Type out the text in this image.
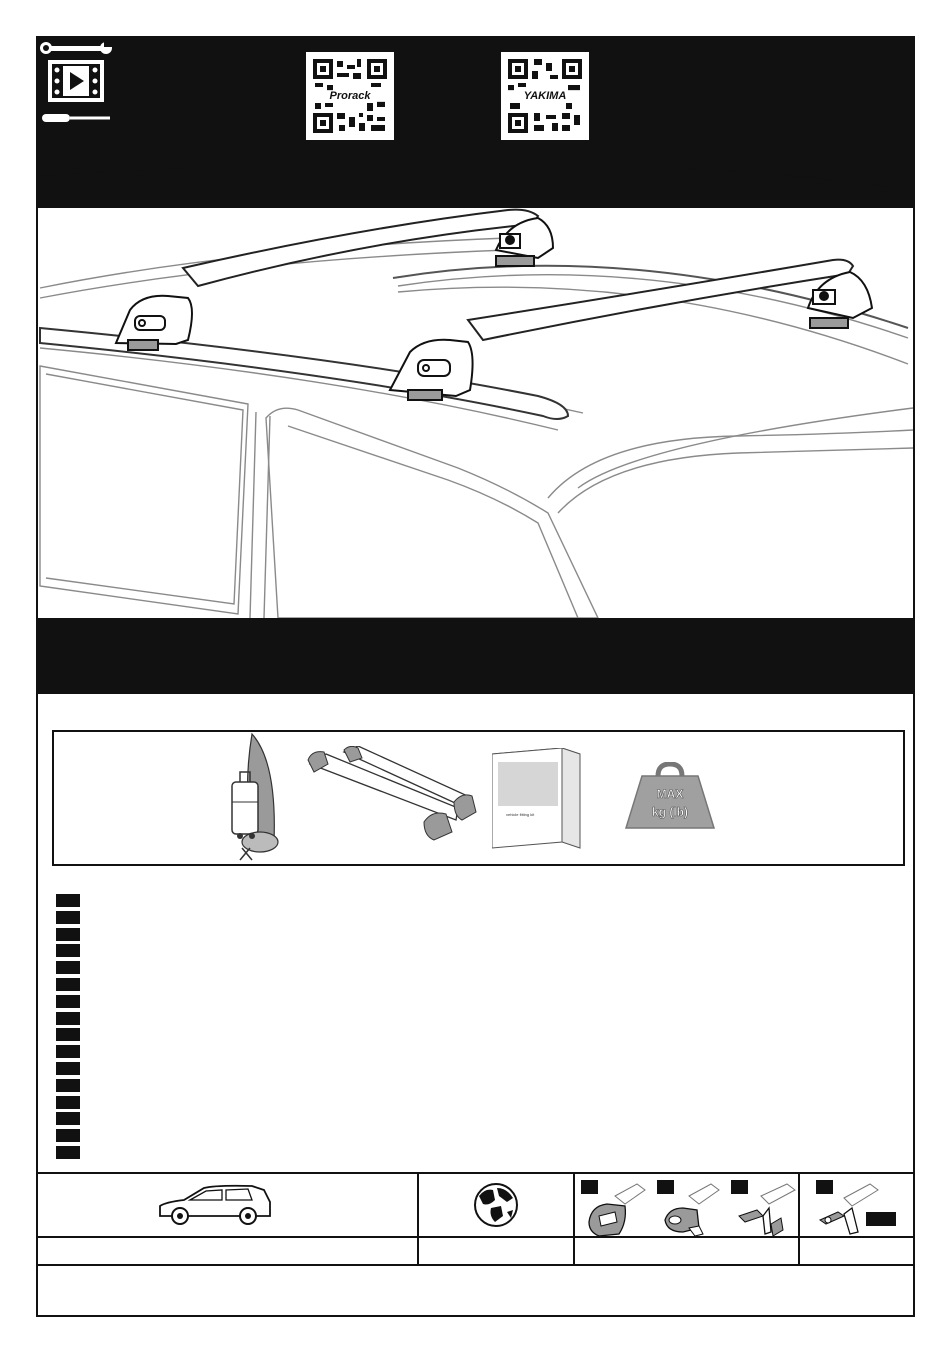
Prorack	YAKIMA
vehicle fitting kit
MAX
kg (lb)
